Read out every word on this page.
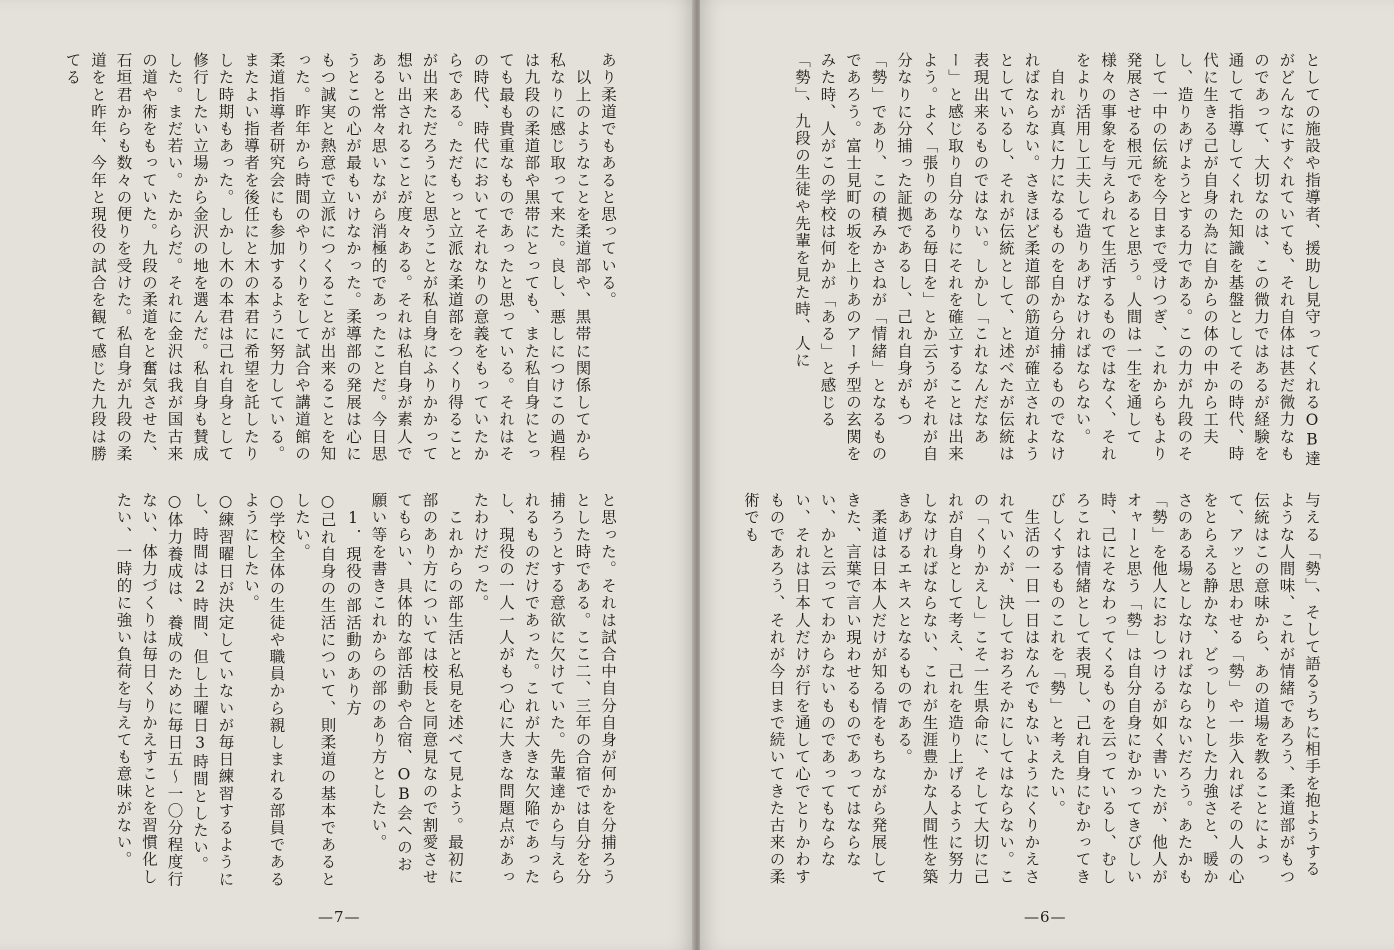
あり柔道でもあると思っている。
　以上のようなことを柔道部や、黒帯に関係してから私なりに感じ取って来た。良し、悪しにつけこの過程は九段の柔道部や黒帯にとっても、また私自身にとっても最も貴重なものであったと思っている。それはその時代、時代においてそれなりの意義をもっていたからである。ただもっと立派な柔道部をつくり得ることが出来ただろうにと思うことが私自身にふりかかって想い出されることが度々ある。それは私自身が素人であると常々思いながら消極的であったことだ。今日思うとこの心が最もいけなかった。柔導部の発展は心にもつ誠実と熱意で立派につくることが出来ることを知った。昨年から時間のやりくりをして試合や講道館の柔道指導者研究会にも参加するように努力している。またよい指導者を後任にと木の本君に希望を託したりした時期もあった。しかし木の本君は己れ自身として修行したい立場から金沢の地を選んだ。私自身も賛成した。まだ若い。たからだ。それに金沢は我が国古来の道や術をもっていた。九段の柔道をと奮気させた、石垣君からも数々の便りを受けた。私自身が九段の柔道をと昨年、今年と現役の試合を観て感じた九段は勝てる

と思った。それは試合中自分自身が何かを分捕ろうとした時である。ここ二、三年の合宿では自分を分捕ろうとする意欲に欠けていた。先輩達から与えられるものだけであった。これが大きな欠陥であったし、現役の一人一人がもつ心に大きな問題点があったわけだった。
　これからの部生活と私見を述べて見よう。最初に部のあり方については校長と同意見なので割愛させてもらい、具体的な部活動や合宿、OB会へのお願い等を書きこれからの部のあり方としたい。
　1．現役の部活動のあり方
○己れ自身の生活について、則柔道の基本であるとしたい。
○学校全体の生徒や職員から親しまれる部員であるようにしたい。
○練習曜日が決定していないが毎日練習するようにし、時間は2時間、但し土曜日3時間としたい。
○体力養成は、養成のために毎日五〜一〇分程度行ない、体力づくりは毎日くりかえすことを習慣化したい、一時的に強い負荷を与えても意味がない。

—7—

としての施設や指導者、援助し見守ってくれるOB達がどんなにすぐれていても、それ自体は甚だ微力なものであって、大切なのは、この微力ではあるが経験を通して指導してくれた知識を基盤としてその時代、時代に生きる己が自身の為に自からの体の中から工夫し、造りあげようとする力である。この力が九段のそして一中の伝統を今日まで受けつぎ、これからもより発展させる根元であると思う。人間は一生を通して様々の事象を与えられて生活するものではなく、それをより活用し工夫して造りあげなければならない。
　自れが真に力になるものを自から分捕るものでなければならない。さきほど柔道部の筋道が確立されようとしているし、それが伝統として、と述べたが伝統は表現出来るものではない。しかし「これなんだなあー」と感じ取り自分なりにそれを確立することは出来よう。よく「張りのある毎日を」とか云うがそれが自分なりに分捕った証拠であるし、己れ自身がもつ「勢」であり、この積みかさねが「情緒」となるものであろう。富士見町の坂を上りあのアーチ型の玄関をみた時、人がこの学校は何かが「ある」と感じる「勢」、九段の生徒や先輩を見た時、人に

与える「勢」、そして語るうちに相手を抱ようするような人間味、これが情緒であろう、柔道部がもつ伝統はこの意味から、あの道場を教ることによって、アッと思わせる「勢」や一歩入ればその人の心をとらえる静かな、どっしりとした力強さと、暖かさのある場としなければならないだろう。あたかも「勢」を他人におしつけるが如く書いたが、他人がオャーと思う「勢」は自分自身にむかってきびしい時、己にそなわってくるものを云っているし、むしろこれは情緒として表現し、己れ自身にむかってきびしくするものこれを「勢」と考えたい。
　生活の一日一日はなんでもないようにくりかえされていくが、決しておろそかにしてはならない。この「くりかえし」こそ一生県命に、そして大切に己れが自身として考え、己れを造り上げるように努力しなければならない、これが生涯豊かな人間性を築きあげるエキスとなるものである。
　柔道は日本人だけが知る情をもちながら発展してきた、言葉で言い現わせるものであってはならない、かと云ってわからないものであってもならない、それは日本人だけが行を通して心でとりかわすものであろう、それが今日まで続いてきた古来の柔術でも

—6—
